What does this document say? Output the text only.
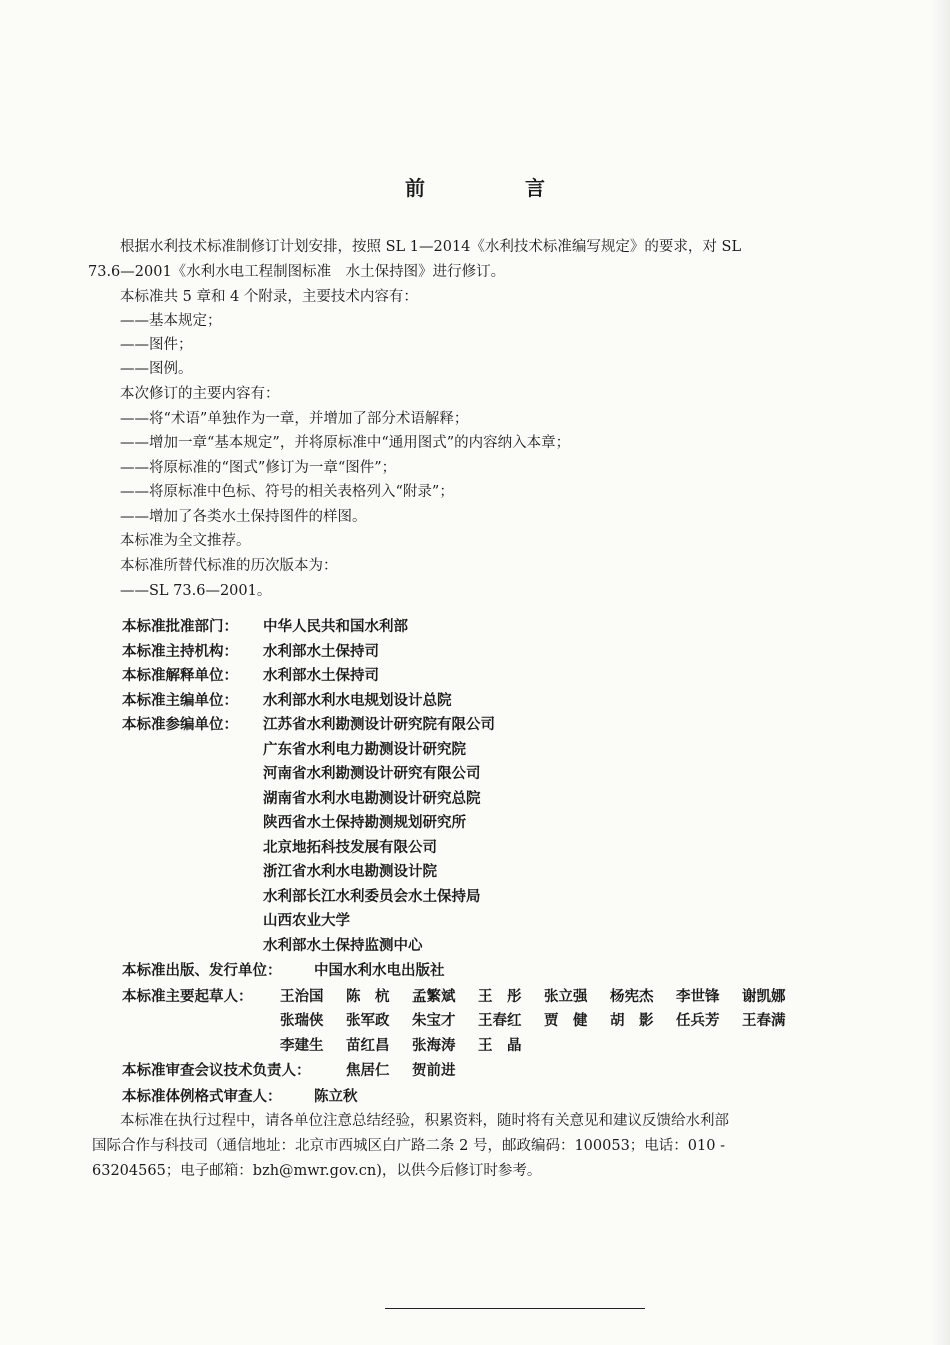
前　言
根据水利技术标准制修订计划安排，按照 SL 1—2014《水利技术标准编写规定》的要求，对 SL
73.6—2001《水利水电工程制图标准　水土保持图》进行修订。
本标准共 5 章和 4 个附录，主要技术内容有：
——基本规定；
——图件；
——图例。
本次修订的主要内容有：
——将“术语”单独作为一章，并增加了部分术语解释；
——增加一章“基本规定”，并将原标准中“通用图式”的内容纳入本章；
——将原标准的“图式”修订为一章“图件”；
——将原标准中色标、符号的相关表格列入“附录”；
——增加了各类水土保持图件的样图。
本标准为全文推荐。
本标准所替代标准的历次版本为：
——SL 73.6—2001。
本标准批准部门： 中华人民共和国水利部
本标准主持机构： 水利部水土保持司
本标准解释单位： 水利部水土保持司
本标准主编单位： 水利部水利水电规划设计总院
本标准参编单位： 江苏省水利勘测设计研究院有限公司
广东省水利电力勘测设计研究院
河南省水利勘测设计研究有限公司
湖南省水利水电勘测设计研究总院
陕西省水土保持勘测规划研究所
北京地拓科技发展有限公司
浙江省水利水电勘测设计院
水利部长江水利委员会水土保持局
山西农业大学
水利部水土保持监测中心
本标准出版、发行单位： 中国水利水电出版社
本标准主要起草人： 王治国 陈　杭 孟繁斌 王　彤 张立强 杨宪杰 李世锋 谢凯娜
张瑞侠 张军政 朱宝才 王春红 贾　健 胡　影 任兵芳 王春满
李建生 苗红昌 张海涛 王　晶
本标准审查会议技术负责人： 焦居仁 贺前进
本标准体例格式审查人： 陈立秋
本标准在执行过程中，请各单位注意总结经验，积累资料，随时将有关意见和建议反馈给水利部
国际合作与科技司（通信地址：北京市西城区白广路二条 2 号，邮政编码：100053；电话：010 -
63204565；电子邮箱：bzh@mwr.gov.cn)，以供今后修订时参考。
